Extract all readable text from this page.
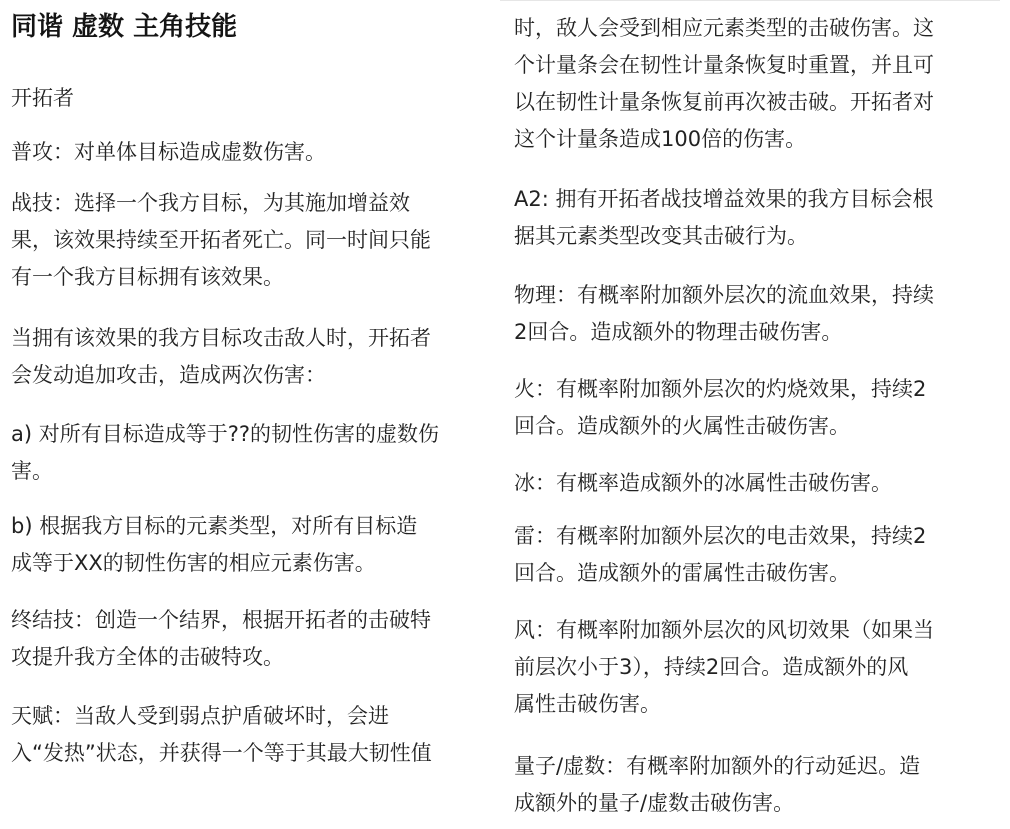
同谐 虚数 主角技能

开拓者

普攻：对单体目标造成虚数伤害。

战技：选择一个我方目标，为其施加增益效
果，该效果持续至开拓者死亡。同一时间只能
有一个我方目标拥有该效果。

当拥有该效果的我方目标攻击敌人时，开拓者
会发动追加攻击，造成两次伤害：

a) 对所有目标造成等于??的韧性伤害的虚数伤
害。

b) 根据我方目标的元素类型，对所有目标造
成等于XX的韧性伤害的相应元素伤害。

终结技：创造一个结界，根据开拓者的击破特
攻提升我方全体的击破特攻。

天赋：当敌人受到弱点护盾破坏时，会进
入“发热”状态，并获得一个等于其最大韧性值

时，敌人会受到相应元素类型的击破伤害。这
个计量条会在韧性计量条恢复时重置，并且可
以在韧性计量条恢复前再次被击破。开拓者对
这个计量条造成100倍的伤害。

A2: 拥有开拓者战技增益效果的我方目标会根
据其元素类型改变其击破行为。

物理：有概率附加额外层次的流血效果，持续
2回合。造成额外的物理击破伤害。

火：有概率附加额外层次的灼烧效果，持续2
回合。造成额外的火属性击破伤害。

冰：有概率造成额外的冰属性击破伤害。

雷：有概率附加额外层次的电击效果，持续2
回合。造成额外的雷属性击破伤害。

风：有概率附加额外层次的风切效果（如果当
前层次小于3），持续2回合。造成额外的风
属性击破伤害。

量子/虚数：有概率附加额外的行动延迟。造
成额外的量子/虚数击破伤害。
